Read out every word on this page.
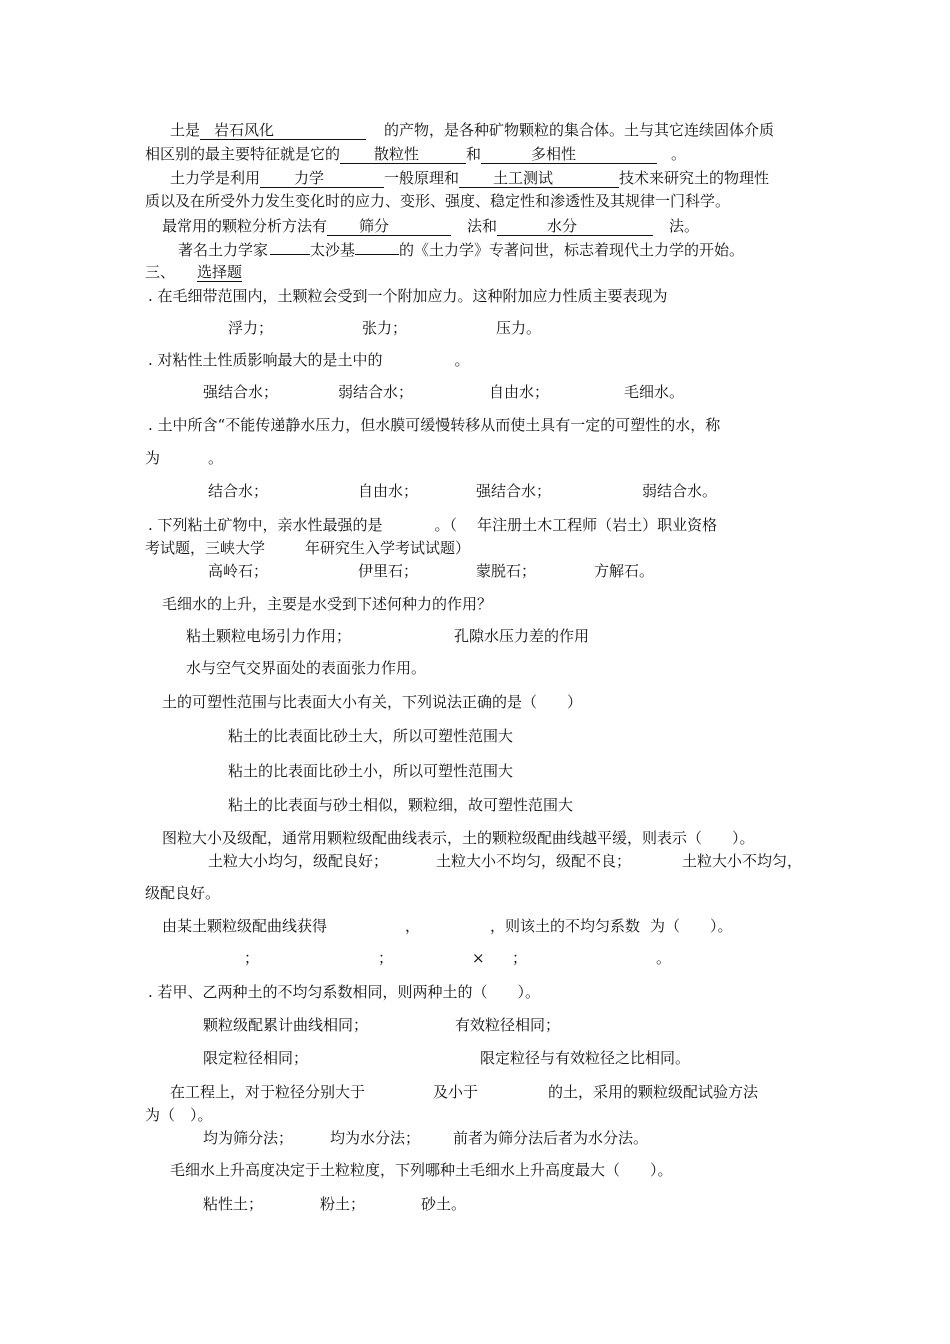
土是 岩石风化	的产物，是各种矿物颗粒的集合体。土与其它连续固体介质
相区别的最主要特征就是它的 散粒性	和	多相性	。
土力学是利用 力学	一般原理和 土工测试	技术来研究土的物理性
质以及在所受外力发生变化时的应力、变形、强度、稳定性和渗透性及其规律一门科学。
最常用的颗粒分析方法有 筛分	法和	水分	法。
著名土力学家	太沙基	的《土力学》专著问世，标志着现代土力学的开始。
三、 选择题
. 在毛细带范围内，土颗粒会受到一个附加应力。这种附加应力性质主要表现为
浮力；	张力；	压力。
. 对粘性土性质影响最大的是土中的	。
强结合水；	弱结合水；	自由水；	毛细水。
. 土中所含“不能传递静水压力，但水膜可缓慢转移从而使土具有一定的可塑性的水，称
为	。
结合水；	自由水；	强结合水；	弱结合水。
. 下列粘土矿物中，亲水性最强的是	。（ 年注册土木工程师（岩土）职业资格
考试题，三峡大学	年研究生入学考试试题）
高岭石；	伊里石；	蒙脱石；	方解石。
毛细水的上升，主要是水受到下述何种力的作用？
粘土颗粒电场引力作用；	孔隙水压力差的作用
水与空气交界面处的表面张力作用。
土的可塑性范围与比表面大小有关，下列说法正确的是（　　）
粘土的比表面比砂土大，所以可塑性范围大
粘土的比表面比砂土小，所以可塑性范围大
粘土的比表面与砂土相似，颗粒细，故可塑性范围大
图粒大小及级配，通常用颗粒级配曲线表示，土的颗粒级配曲线越平缓，则表示（　　）。
土粒大小均匀，级配良好；	土粒大小不均匀，级配不良；	土粒大小不均匀，
级配良好。
由某土颗粒级配曲线获得	，	，则该土的不均匀系数 为（　　）。
；	；	× ；	。
. 若甲、乙两种土的不均匀系数相同，则两种土的（　　）。
颗粒级配累计曲线相同；	有效粒径相同；
限定粒径相同；	限定粒径与有效粒径之比相同。
在工程上，对于粒径分别大于	及小于	的土，采用的颗粒级配试验方法
为（　）。
均为筛分法； 均为水分法； 前者为筛分法后者为水分法。
毛细水上升高度决定于土粒粒度，下列哪种土毛细水上升高度最大（　　）。
粘性土；	粉土；	砂土。
